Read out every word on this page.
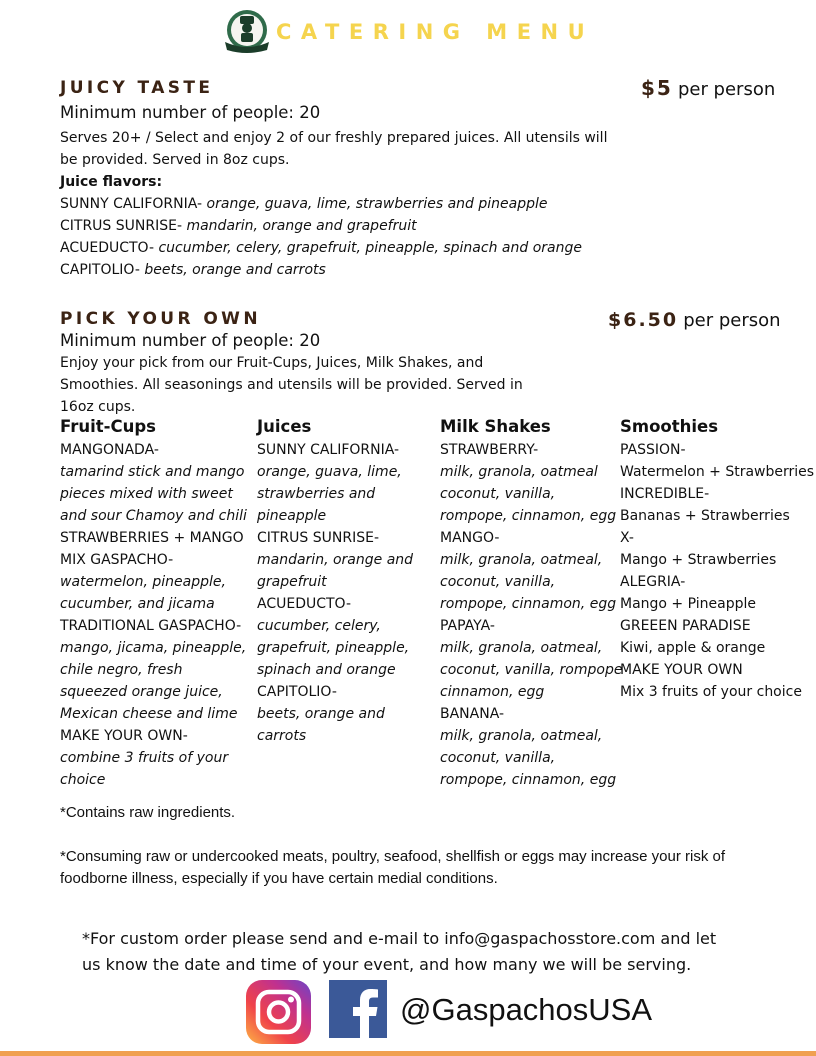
CATERING MENU
JUICY TASTE	$5 per person
Minimum number of people: 20
Serves 20+ / Select and enjoy 2 of our freshly prepared juices. All utensils will be provided. Served in 8oz cups.
Juice flavors:
SUNNY CALIFORNIA- orange, guava, lime, strawberries and pineapple
CITRUS SUNRISE- mandarin, orange and grapefruit
ACUEDUCTO- cucumber, celery, grapefruit, pineapple, spinach and orange
CAPITOLIO- beets, orange and carrots
PICK YOUR OWN	$6.50 per person
Minimum number of people: 20
Enjoy your pick from our Fruit-Cups, Juices, Milk Shakes, and Smoothies. All seasonings and utensils will be provided. Served in 16oz cups.
Fruit-Cups
MANGONADA-
tamarind stick and mango
pieces mixed with sweet
and sour Chamoy and chili
STRAWBERRIES + MANGO
MIX GASPACHO-
watermelon, pineapple,
cucumber, and jicama
TRADITIONAL GASPACHO-
mango, jicama, pineapple,
chile negro, fresh
squeezed orange juice,
Mexican cheese and lime
MAKE YOUR OWN-
combine 3 fruits of your
choice
Juices
SUNNY CALIFORNIA-
orange, guava, lime,
strawberries and
pineapple
CITRUS SUNRISE-
mandarin, orange and
grapefruit
ACUEDUCTO-
cucumber, celery,
grapefruit, pineapple,
spinach and orange
CAPITOLIO-
beets, orange and
carrots
Milk Shakes
STRAWBERRY-
milk, granola, oatmeal
coconut, vanilla,
rompope, cinnamon, egg
MANGO-
milk, granola, oatmeal,
coconut, vanilla,
rompope, cinnamon, egg
PAPAYA-
milk, granola, oatmeal,
coconut, vanilla, rompope
cinnamon, egg
BANANA-
milk, granola, oatmeal,
coconut, vanilla,
rompope, cinnamon, egg
Smoothies
PASSION-
Watermelon + Strawberries
INCREDIBLE-
Bananas + Strawberries
X-
Mango + Strawberries
ALEGRIA-
Mango + Pineapple
GREEEN PARADISE
Kiwi, apple & orange
MAKE YOUR OWN
Mix 3 fruits of your choice
*Contains raw ingredients.
*Consuming raw or undercooked meats, poultry, seafood, shellfish or eggs may increase your risk of foodborne illness, especially if you have certain medial conditions.
*For custom order please send and e-mail to info@gaspachosstore.com and let us know the date and time of your event, and how many we will be serving.
@GaspachosUSA
